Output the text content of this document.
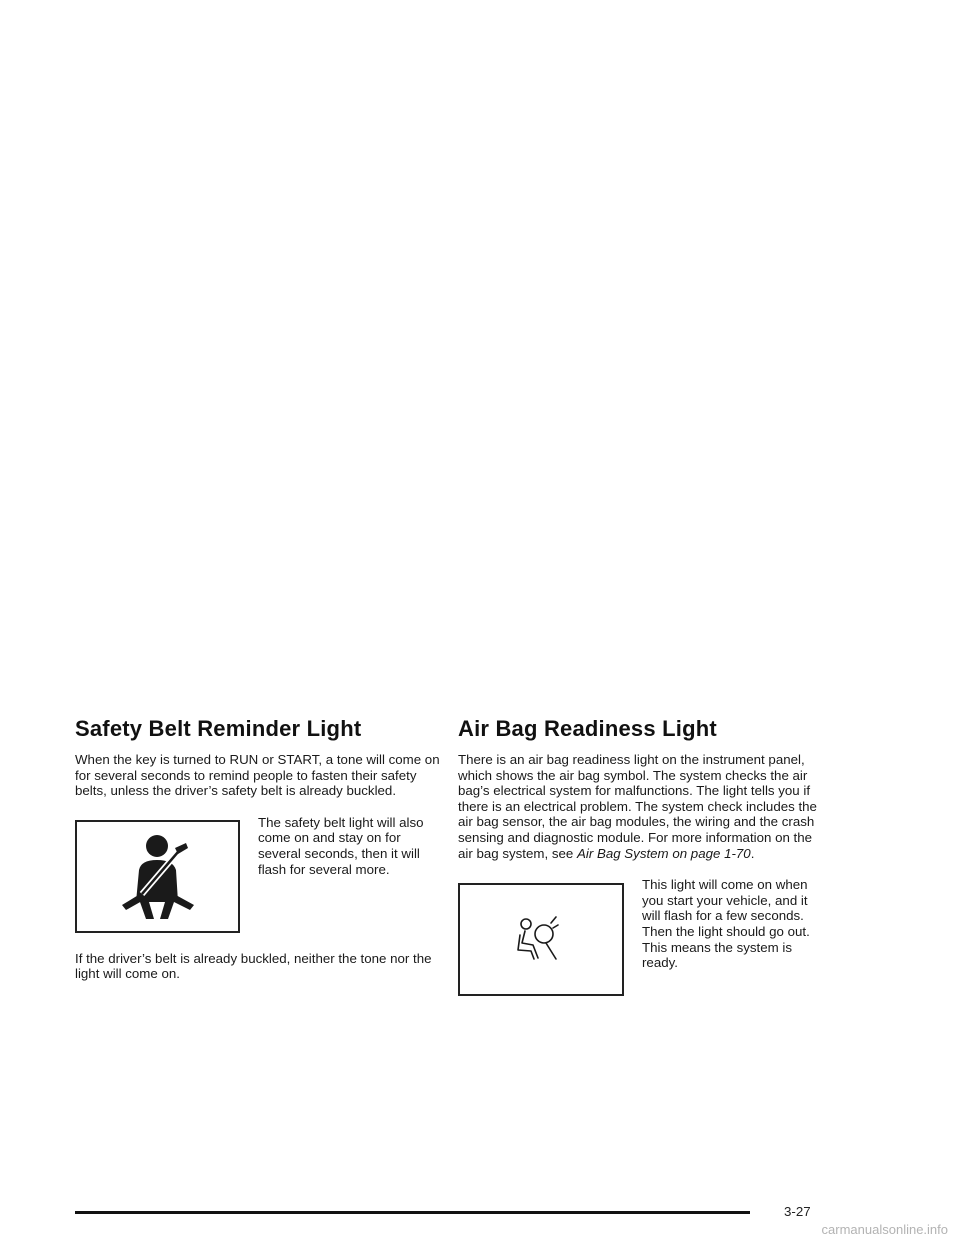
Safety Belt Reminder Light

When the key is turned to RUN or START, a tone will come on for several seconds to remind people to fasten their safety belts, unless the driver’s safety belt is already buckled.

The safety belt light will also come on and stay on for several seconds, then it will flash for several more.

If the driver’s belt is already buckled, neither the tone nor the light will come on.

Air Bag Readiness Light

There is an air bag readiness light on the instrument panel, which shows the air bag symbol. The system checks the air bag’s electrical system for malfunctions. The light tells you if there is an electrical problem. The system check includes the air bag sensor, the air bag modules, the wiring and the crash sensing and diagnostic module. For more information on the air bag system, see Air Bag System on page 1-70.

This light will come on when you start your vehicle, and it will flash for a few seconds. Then the light should go out. This means the system is ready.

3-27
carmanualsonline.info
